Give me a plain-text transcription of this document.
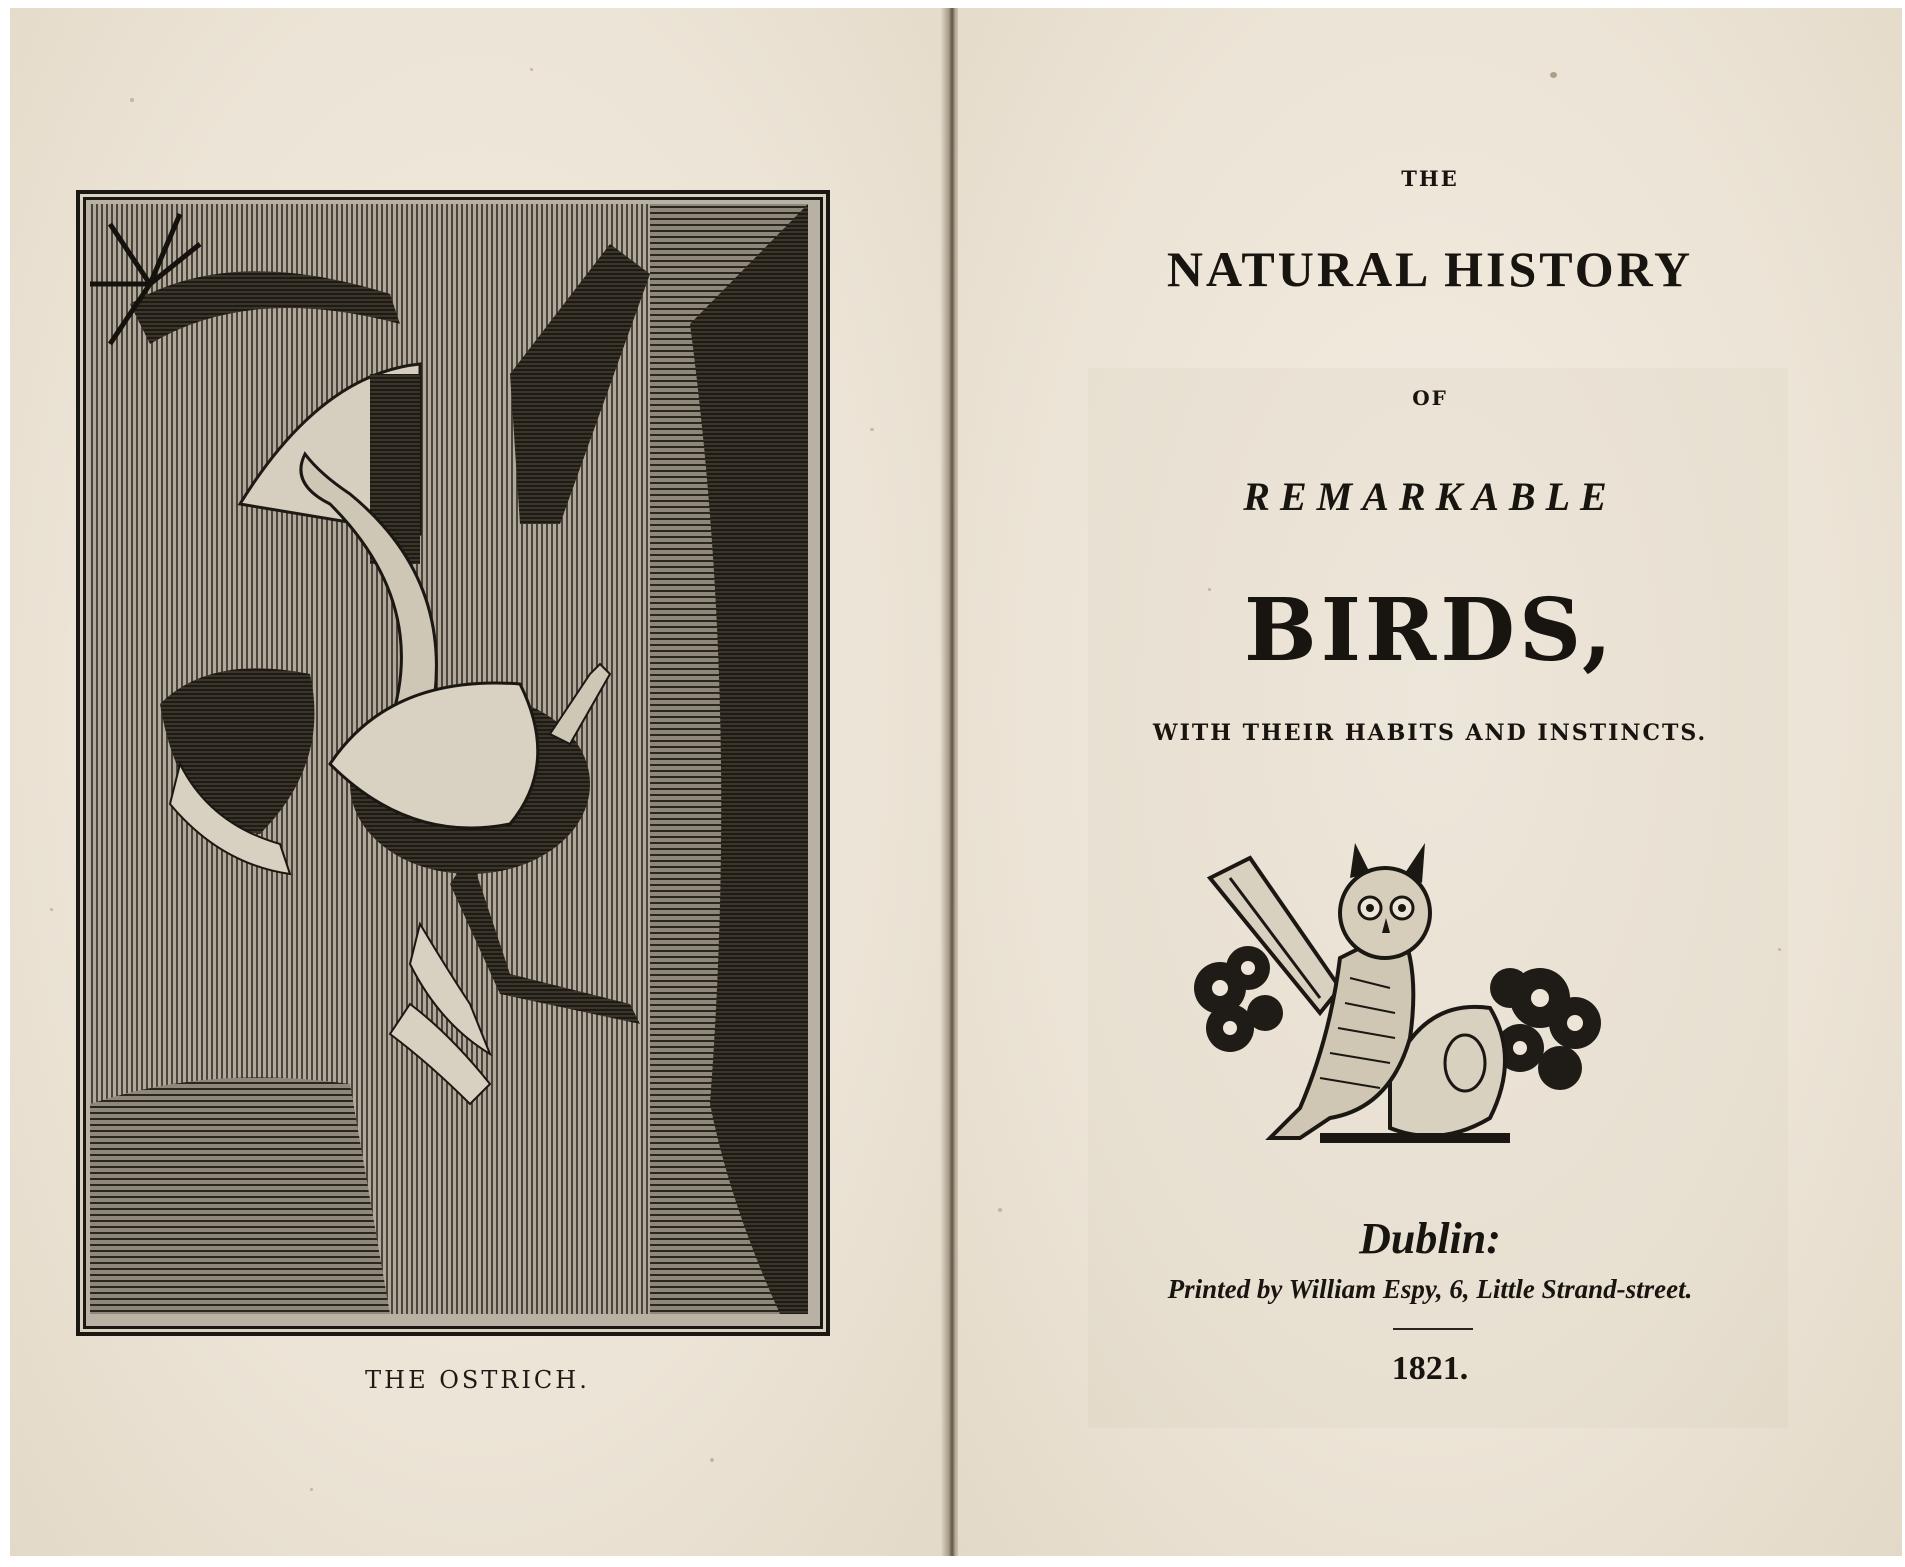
THE OSTRICH.
THE
NATURAL HISTORY
OF
REMARKABLE
BIRDS,
WITH THEIR HABITS AND INSTINCTS.
Dublin:
Printed by William Espy, 6, Little Strand-street.
1821.
